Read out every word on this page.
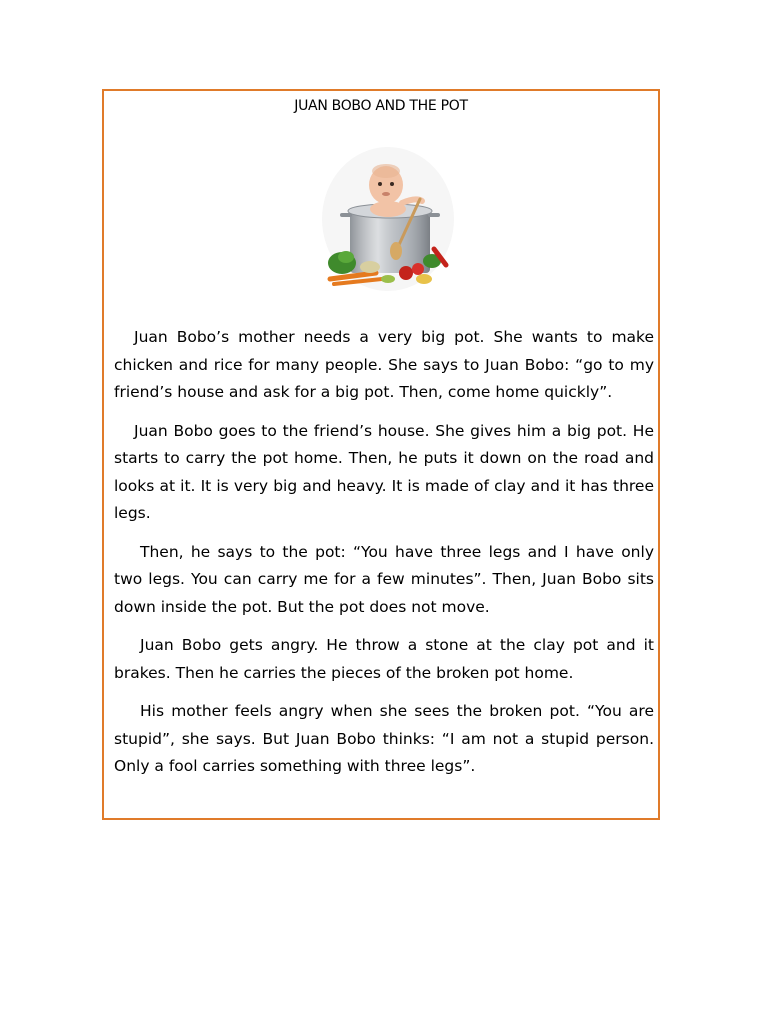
JUAN BOBO AND THE POT

Juan Bobo’s mother needs a very big pot. She wants to make chicken and rice for many people. She says to Juan Bobo: “go to my friend’s house and ask for a big pot. Then, come home quickly”.

Juan Bobo goes to the friend’s house. She gives him a big pot. He starts to carry the pot home. Then, he puts it down on the road and looks at it. It is very big and heavy. It is made of clay and it has three legs.

Then, he says to the pot: “You have three legs and I have only two legs. You can carry me for a few minutes”. Then, Juan Bobo sits down inside the pot. But the pot does not move.

Juan Bobo gets angry. He throw a stone at the clay pot and it brakes. Then he carries the pieces of the broken pot home.

His mother feels angry when she sees the broken pot. “You are stupid”, she says. But Juan Bobo thinks: “I am not a stupid person. Only a fool carries something with three legs”.
